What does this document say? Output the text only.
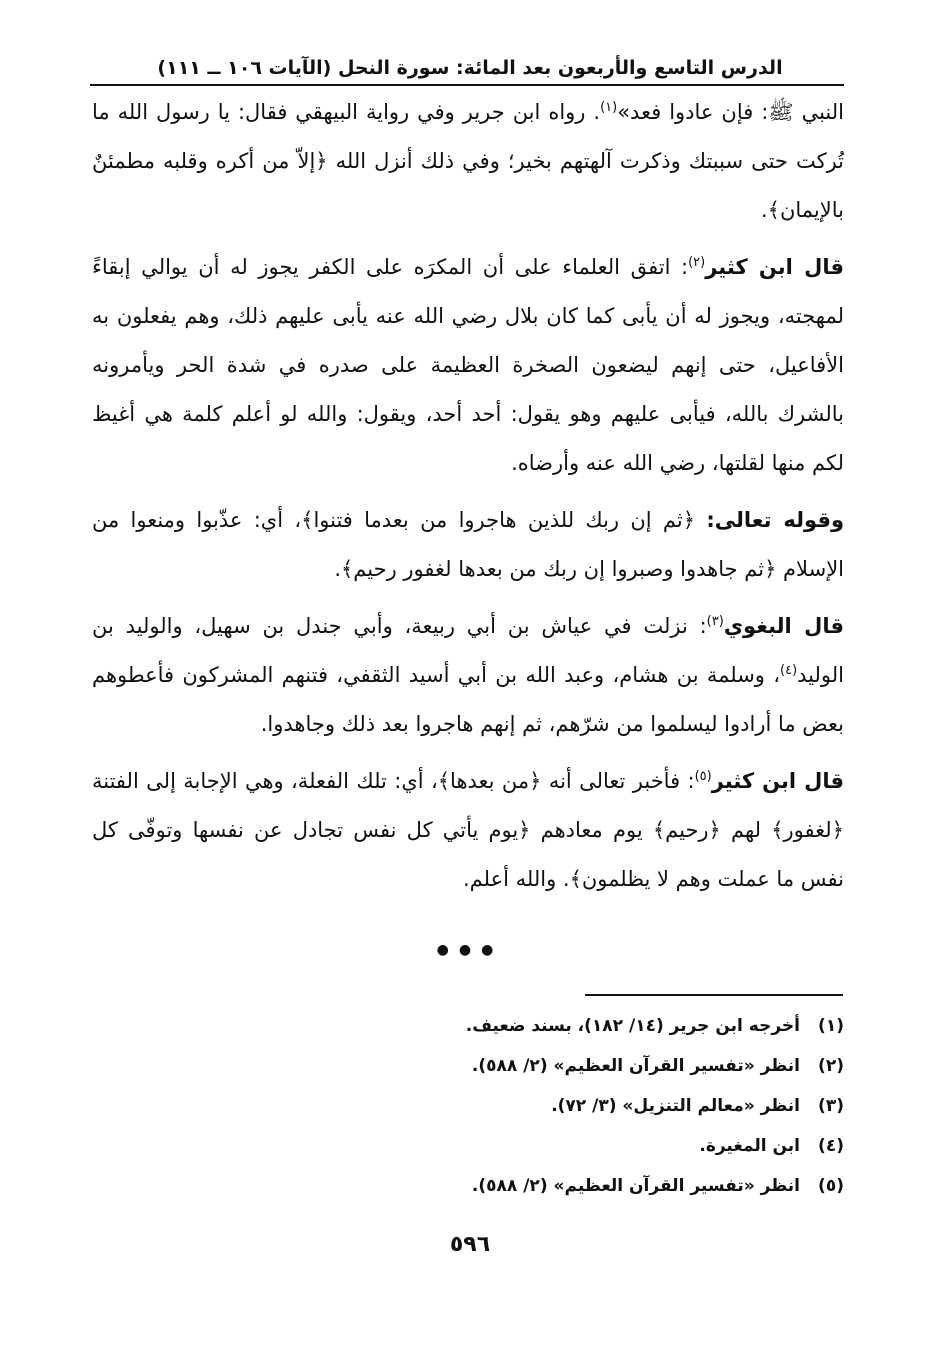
الدرس التاسع والأربعون بعد المائة: سورة النحل (الآيات ١٠٦ ــ ١١١)

النبي ﷺ: فإن عادوا فعد»$^{(١)}$. رواه ابن جرير وفي رواية البيهقي فقال: يا رسول الله ما تُركت حتى سببتك وذكرت آلهتهم بخير؛ وفي ذلك أنزل الله ﴿إلاّ من أكره وقلبه مطمئنٌ بالإيمان﴾.

قال ابن كثير$^{(٢)}$: اتفق العلماء على أن المكرَه على الكفر يجوز له أن يوالي إبقاءً لمهجته، ويجوز له أن يأبى كما كان بلال رضي الله عنه يأبى عليهم ذلك، وهم يفعلون به الأفاعيل، حتى إنهم ليضعون الصخرة العظيمة على صدره في شدة الحر ويأمرونه بالشرك بالله، فيأبى عليهم وهو يقول: أحد أحد، ويقول: والله لو أعلم كلمة هي أغيظ لكم منها لقلتها، رضي الله عنه وأرضاه.

وقوله تعالى: ﴿ثم إن ربك للذين هاجروا من بعدما فتنوا﴾، أي: عذّبوا ومنعوا من الإسلام ﴿ثم جاهدوا وصبروا إن ربك من بعدها لغفور رحيم﴾.

قال البغوي$^{(٣)}$: نزلت في عياش بن أبي ربيعة، وأبي جندل بن سهيل، والوليد بن الوليد$^{(٤)}$، وسلمة بن هشام، وعبد الله بن أبي أسيد الثقفي، فتنهم المشركون فأعطوهم بعض ما أرادوا ليسلموا من شرّهم، ثم إنهم هاجروا بعد ذلك وجاهدوا.

قال ابن كثير$^{(٥)}$: فأخبر تعالى أنه ﴿من بعدها﴾، أي: تلك الفعلة، وهي الإجابة إلى الفتنة ﴿لغفور﴾ لهم ﴿رحيم﴾ يوم معادهم ﴿يوم يأتي كل نفس تجادل عن نفسها وتوفّى كل نفس ما عملت وهم لا يظلمون﴾. والله أعلم.

●●●

(١)أخرجه ابن جرير (١٤/ ١٨٢)، بسند ضعيف.

(٢)انظر «تفسير القرآن العظيم» (٢/ ٥٨٨).

(٣)انظر «معالم التنزيل» (٣/ ٧٢).

(٤)ابن المغيرة.

(٥)انظر «تفسير القرآن العظيم» (٢/ ٥٨٨).

٥٩٦
